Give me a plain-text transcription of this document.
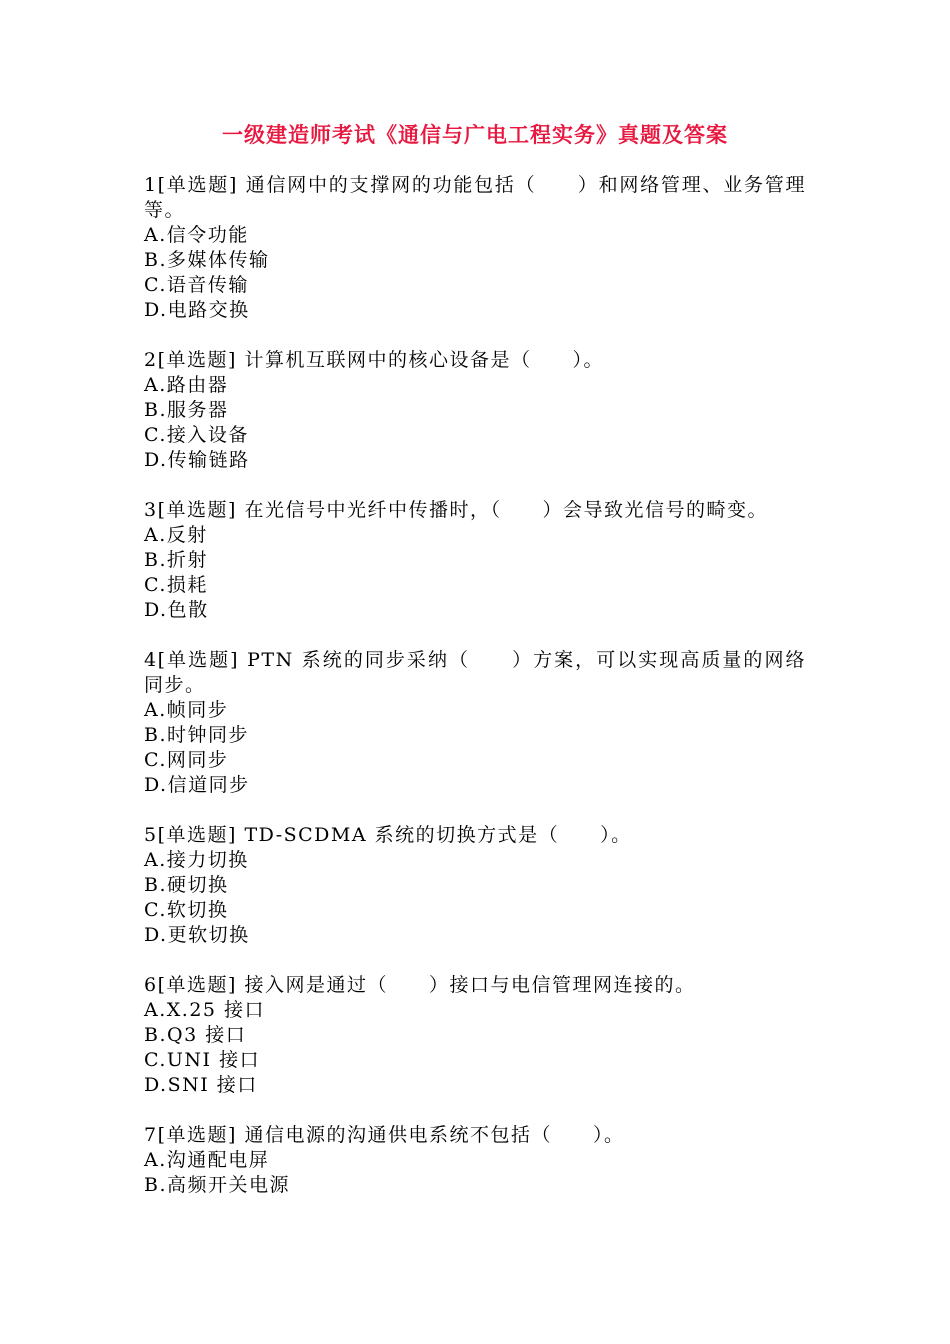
一级建造师考试《通信与广电工程实务》真题及答案
1[单选题] 通信网中的支撑网的功能包括（　　）和网络管理、业务管理等。
A.信令功能
B.多媒体传输
C.语音传输
D.电路交换
2[单选题] 计算机互联网中的核心设备是（　　）。
A.路由器
B.服务器
C.接入设备
D.传输链路
3[单选题] 在光信号中光纤中传播时，（　　）会导致光信号的畸变。
A.反射
B.折射
C.损耗
D.色散
4[单选题] PTN 系统的同步采纳（　　）方案，可以实现高质量的网络同步。
A.帧同步
B.时钟同步
C.网同步
D.信道同步
5[单选题] TD-SCDMA 系统的切换方式是（　　）。
A.接力切换
B.硬切换
C.软切换
D.更软切换
6[单选题] 接入网是通过（　　）接口与电信管理网连接的。
A.X.25 接口
B.Q3 接口
C.UNI 接口
D.SNI 接口
7[单选题] 通信电源的沟通供电系统不包括（　　）。
A.沟通配电屏
B.高频开关电源
